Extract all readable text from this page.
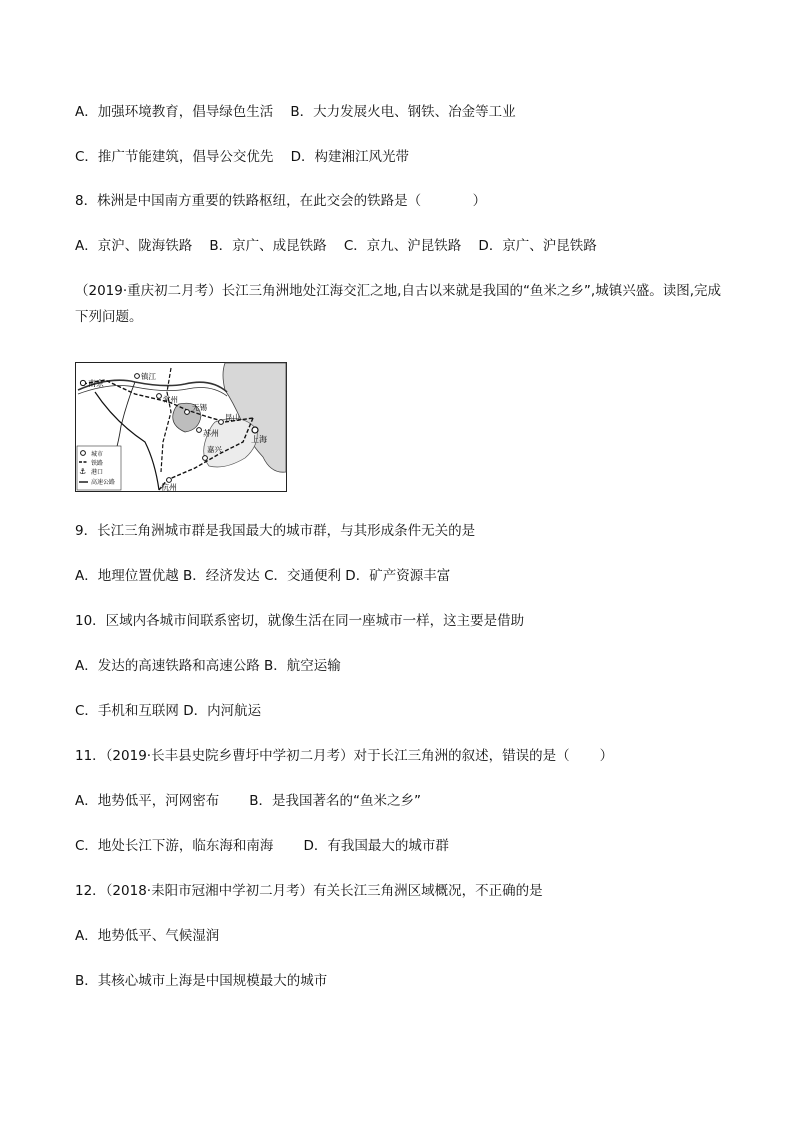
A．加强环境教育，倡导绿色生活    B．大力发展火电、钢铁、冶金等工业
C．推广节能建筑，倡导公交优先    D．构建湘江风光带
8．株洲是中国南方重要的铁路枢纽，在此交会的铁路是（            ）
A．京沪、陇海铁路    B．京广、成昆铁路    C．京九、沪昆铁路    D．京广、沪昆铁路
（2019·重庆初二月考）长江三角洲地处江海交汇之地,自古以来就是我国的“鱼米之乡”,城镇兴盛。读图,完成下列问题。
南京
镇江
常州
无锡
昆山
苏州
上海
嘉兴
杭州
⚓
城市
铁路
港口
高速公路
9．长江三角洲城市群是我国最大的城市群，与其形成条件无关的是
A．地理位置优越 B．经济发达 C．交通便利 D．矿产资源丰富
10．区域内各城市间联系密切，就像生活在同一座城市一样，这主要是借助
A．发达的高速铁路和高速公路 B．航空运输
C．手机和互联网 D．内河航运
11．（2019·长丰县史院乡曹圩中学初二月考）对于长江三角洲的叙述，错误的是（       ）
A．地势低平，河网密布       B．是我国著名的“鱼米之乡”
C．地处长江下游，临东海和南海       D．有我国最大的城市群
12．（2018·耒阳市冠湘中学初二月考）有关长江三角洲区域概况，不正确的是
A．地势低平、气候湿润
B．其核心城市上海是中国规模最大的城市
